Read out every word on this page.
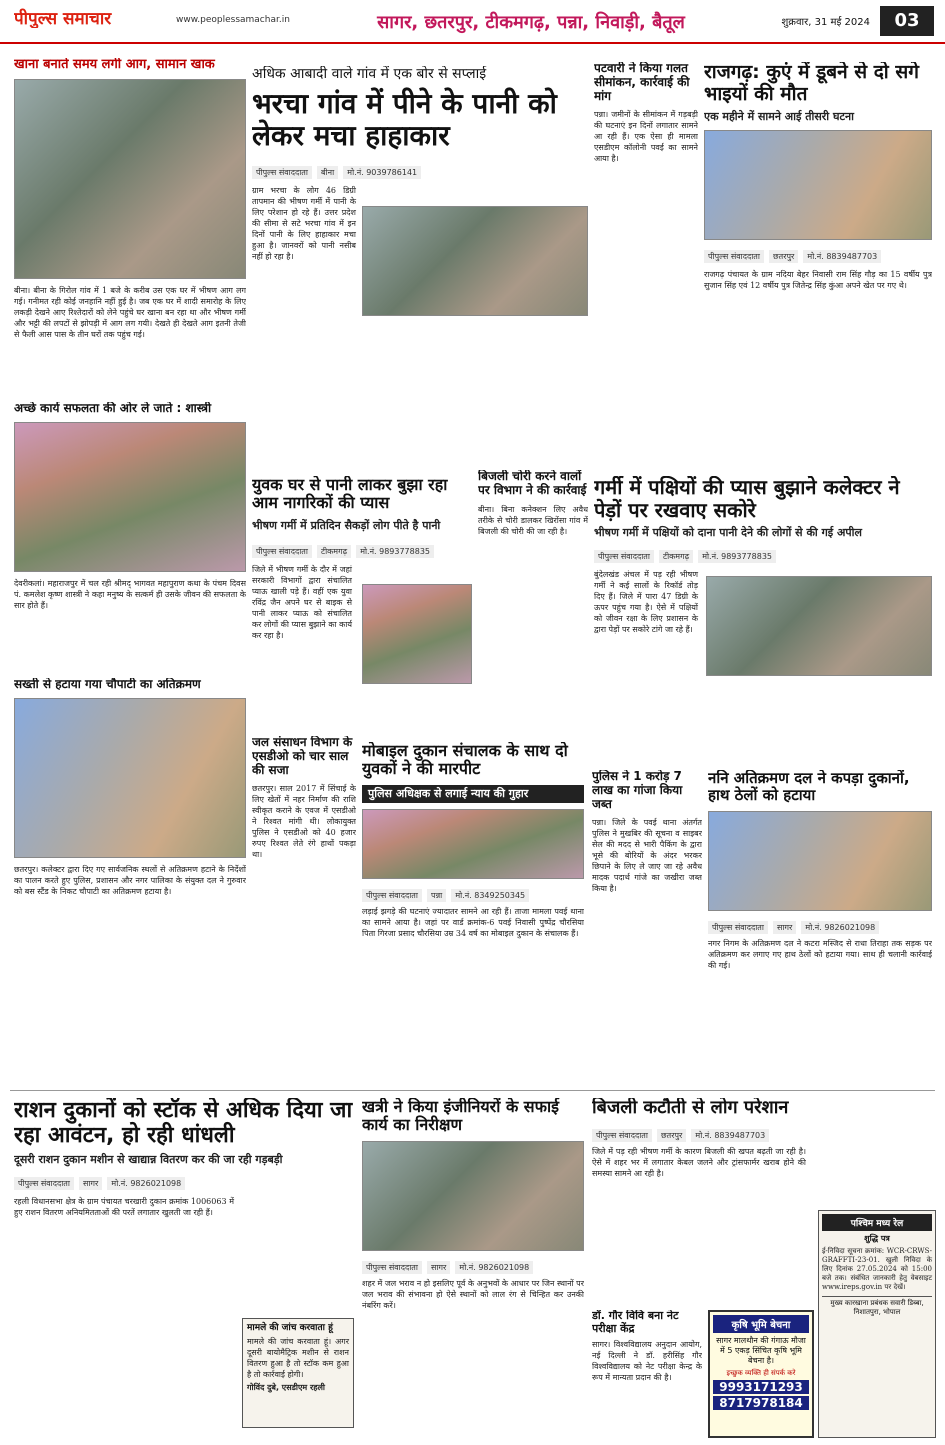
पीपुल्स समाचार	www.peoplessamachar.in	सागर, छतरपुर, टीकमगढ़, पन्ना, निवाड़ी, बैतूल	शुक्रवार, 31 मई 2024	03
खाना बनाते समय लगी आग, सामान खाक
बीना। बीना के गिरोल गांव में 1 बजे के करीब उस एक घर में भीषण आग लग गई। गनीमत रही कोई जनहानि नहीं हुई है। जब एक घर में शादी समारोह के लिए लकड़ी देखने आए रिश्तेदारों को लेने पहुंचे घर खाना बन रहा था और भीषण गर्मी और भट्टी की लपटों से झोपड़ी में आग लग गयी। देखते ही देखते आग इतनी तेजी से फैली आस पास के तीन घरों तक पहुंच गई।
अच्छे कार्य सफलता की ओर ले जाते : शास्त्री
देवरीकलां। महाराजपुर में चल रही श्रीमद् भागवत महापुराण कथा के पंचम दिवस पं. कमलेश कृष्ण शास्त्री ने कहा मनुष्य के सत्कर्म ही उसके जीवन की सफलता के सार होते हैं।
सख्ती से हटाया गया चौपाटी का अतिक्रमण
छतरपुर। कलेक्टर द्वारा दिए गए सार्वजनिक स्थलों से अतिक्रमण हटाने के निर्देशों का पालन करते हुए पुलिस, प्रशासन और नगर पालिका के संयुक्त दल ने गुरुवार को बस स्टैंड के निकट चौपाटी का अतिक्रमण हटाया है।
अधिक आबादी वाले गांव में एक बोर से सप्लाई
भरचा गांव में पीने के पानी को लेकर मचा हाहाकार
पीपुल्स संवाददाता बीना मो.नं. 9039786141
ग्राम भरचा के लोग 46 डिग्री तापमान की भीषण गर्मी में पानी के लिए परेशान हो रहे हैं। उत्तर प्रदेश की सीमा से सटे भरचा गांव में इन दिनों पानी के लिए हाहाकार मचा हुआ है। जानवरों को पानी नसीब नहीं हो रहा है।
पटवारी ने किया गलत सीमांकन, कार्रवाई की मांग
पन्ना। जमीनों के सीमांकन में गड़बड़ी की घटनाएं इन दिनों लगातार सामने आ रही हैं। एक ऐसा ही मामला एसडीएम कॉलोनी पवई का सामने आया है।
राजगढ़: कुएं में डूबने से दो सगे भाइयों की मौत
एक महीने में सामने आई तीसरी घटना
पीपुल्स संवाददाता छतरपुर मो.नं. 8839487703
राजगढ़ पंचायत के ग्राम नदिया बेहर निवासी राम सिंह गौड़ का 15 वर्षीय पुत्र सुजान सिंह एवं 12 वर्षीय पुत्र जितेन्द्र सिंह कुंआ अपने खेत पर गए थे।
युवक घर से पानी लाकर बुझा रहा आम नागरिकों की प्यास
भीषण गर्मी में प्रतिदिन सैकड़ों लोग पीते है पानी
पीपुल्स संवाददाता टीकमगढ़ मो.नं. 9893778835
जिले में भीषण गर्मी के दौर में जहां सरकारी विभागों द्वारा संचालित प्याऊ खाली पड़े हैं। वहीं एक युवा रविंद्र जैन अपने घर से बाइक से पानी लाकर प्याऊ को संचालित कर लोगों की प्यास बुझाने का कार्य कर रहा है।
बिजली चोरी करने वालों पर विभाग ने की कार्रवाई
बीना। बिना कनेक्शन लिए अवैध तरीके से चोरी डालकर खिरोंसा गांव में बिजली की चोरी की जा रही है।
गर्मी में पक्षियों की प्यास बुझाने कलेक्टर ने पेड़ों पर रखवाए सकोरे
भीषण गर्मी में पक्षियों को दाना पानी देने की लोगों से की गई अपील
पीपुल्स संवाददाता टीकमगढ़ मो.नं. 9893778835
बुंदेलखंड अंचल में पड़ रही भीषण गर्मी ने कई सालों के रिकॉर्ड तोड़ दिए हैं। जिले में पारा 47 डिग्री के ऊपर पहुंच गया है। ऐसे में पक्षियों को जीवन रक्षा के लिए प्रशासन के द्वारा पेड़ों पर सकोरे टांगे जा रहे हैं।
जल संसाधन विभाग के एसडीओ को चार साल की सजा
छतरपुर। साल 2017 में सिंचाई के लिए खेतों में नहर निर्माण की राशि स्वीकृत कराने के एवज में एसडीओ ने रिश्वत मांगी थी। लोकायुक्त पुलिस ने एसडीओ को 40 हजार रुपए रिश्वत लेते रंगे हाथों पकड़ा था।
मोबाइल दुकान संचालक के साथ दो युवकों ने की मारपीट
पुलिस अधिक्षक से लगाई न्याय की गुहार
पीपुल्स संवाददाता पन्ना मो.नं. 8349250345
लड़ाई झगड़े की घटनाएं ज्यादातर सामने आ रही हैं। ताजा मामला पवई थाना का सामने आया है। जहां पर वार्ड क्रमांक-6 पवई निवासी पुष्पेंद्र चौरसिया पिता गिरजा प्रसाद चौरसिया उम्र 34 वर्ष का मोबाइल दुकान के संचालक हैं।
पुलिस ने 1 करोड़ 7 लाख का गांजा किया जब्त
पन्ना। जिले के पवई थाना अंतर्गत पुलिस ने मुखबिर की सूचना व साइबर सेल की मदद से भारी पैकिंग के द्वारा भूसे की बोरियों के अंदर भरकर छिपाने के लिए ले जाए जा रहे अवैध मादक पदार्थ गांजे का जखीरा जब्त किया है।
ननि अतिक्रमण दल ने कपड़ा दुकानों, हाथ ठेलों को हटाया
पीपुल्स संवाददाता सागर मो.नं. 9826021098
नगर निगम के अतिक्रमण दल ने कटरा मस्जिद से राधा तिराहा तक सड़क पर अतिक्रमण कर लगाए गए हाथ ठेलों को हटाया गया। साथ ही चलानी कार्रवाई की गई।
राशन दुकानों को स्टॉक से अधिक दिया जा रहा आवंटन, हो रही धांधली
दूसरी राशन दुकान मशीन से खाद्यान्न वितरण कर की जा रही गड़बड़ी
पीपुल्स संवाददाता सागर मो.नं. 9826021098
रहली विधानसभा क्षेत्र के ग्राम पंचायत चरखारी दुकान क्रमांक 1006063 में हुए राशन वितरण अनियमितताओं की परतें लगातार खुलती जा रही हैं।
मामले की जांच करवाता हूं
मामले की जांच करवाता हूं। अगर दूसरी बायोमैट्रिक मशीन से राशन वितरण हुआ है तो स्टॉक कम हुआ है तो कार्रवाई होगी।
गोविंद दुबे, एसडीएम रहली
खत्री ने किया इंजीनियरों के सफाई कार्य का निरीक्षण
पीपुल्स संवाददाता सागर मो.नं. 9826021098
शहर में जल भराव न हो इसलिए पूर्व के अनुभवों के आधार पर जिन स्थानों पर जल भराव की संभावना हो ऐसे स्थानों को लाल रंग से चिन्हित कर उनकी नंबरिंग करें।
बिजली कटौती से लोग परेशान
पीपुल्स संवाददाता छतरपुर मो.नं. 8839487703
जिले में पड़ रही भीषण गर्मी के कारण बिजली की खपत बढ़ती जा रही है। ऐसे में शहर भर में लगातार केबल जलने और ट्रांसफार्मर खराब होने की समस्या सामने आ रही है।
डॉ. गौर विवि बना नेट परीक्षा केंद्र
सागर। विश्वविद्यालय अनुदान आयोग, नई दिल्ली ने डॉ. हरीसिंह गौर विश्वविद्यालय को नेट परीक्षा केन्द्र के रूप में मान्यता प्रदान की है।
कृषि भूमि बेचना
सागर मालथौन की गंगाऊ मौजा में 5 एकड़ सिंचित कृषि भूमि बेचना है।
इच्छुक व्यक्ति ही संपर्क करे
9993171293
8717978184
पश्चिम मध्य रेल
शुद्धि पत्र
ई-निविदा सूचना क्रमांक: WCR-CRWS-GRAFFTI-23-01. खुली निविदा के लिए दिनांक 27.05.2024 को 15:00 बजे तक। संबंधित जानकारी हेतु वेबसाइट www.ireps.gov.in पर देखें।
मुख्य कारखाना प्रबंधक सवारी डिब्बा, निशातपुरा, भोपाल
